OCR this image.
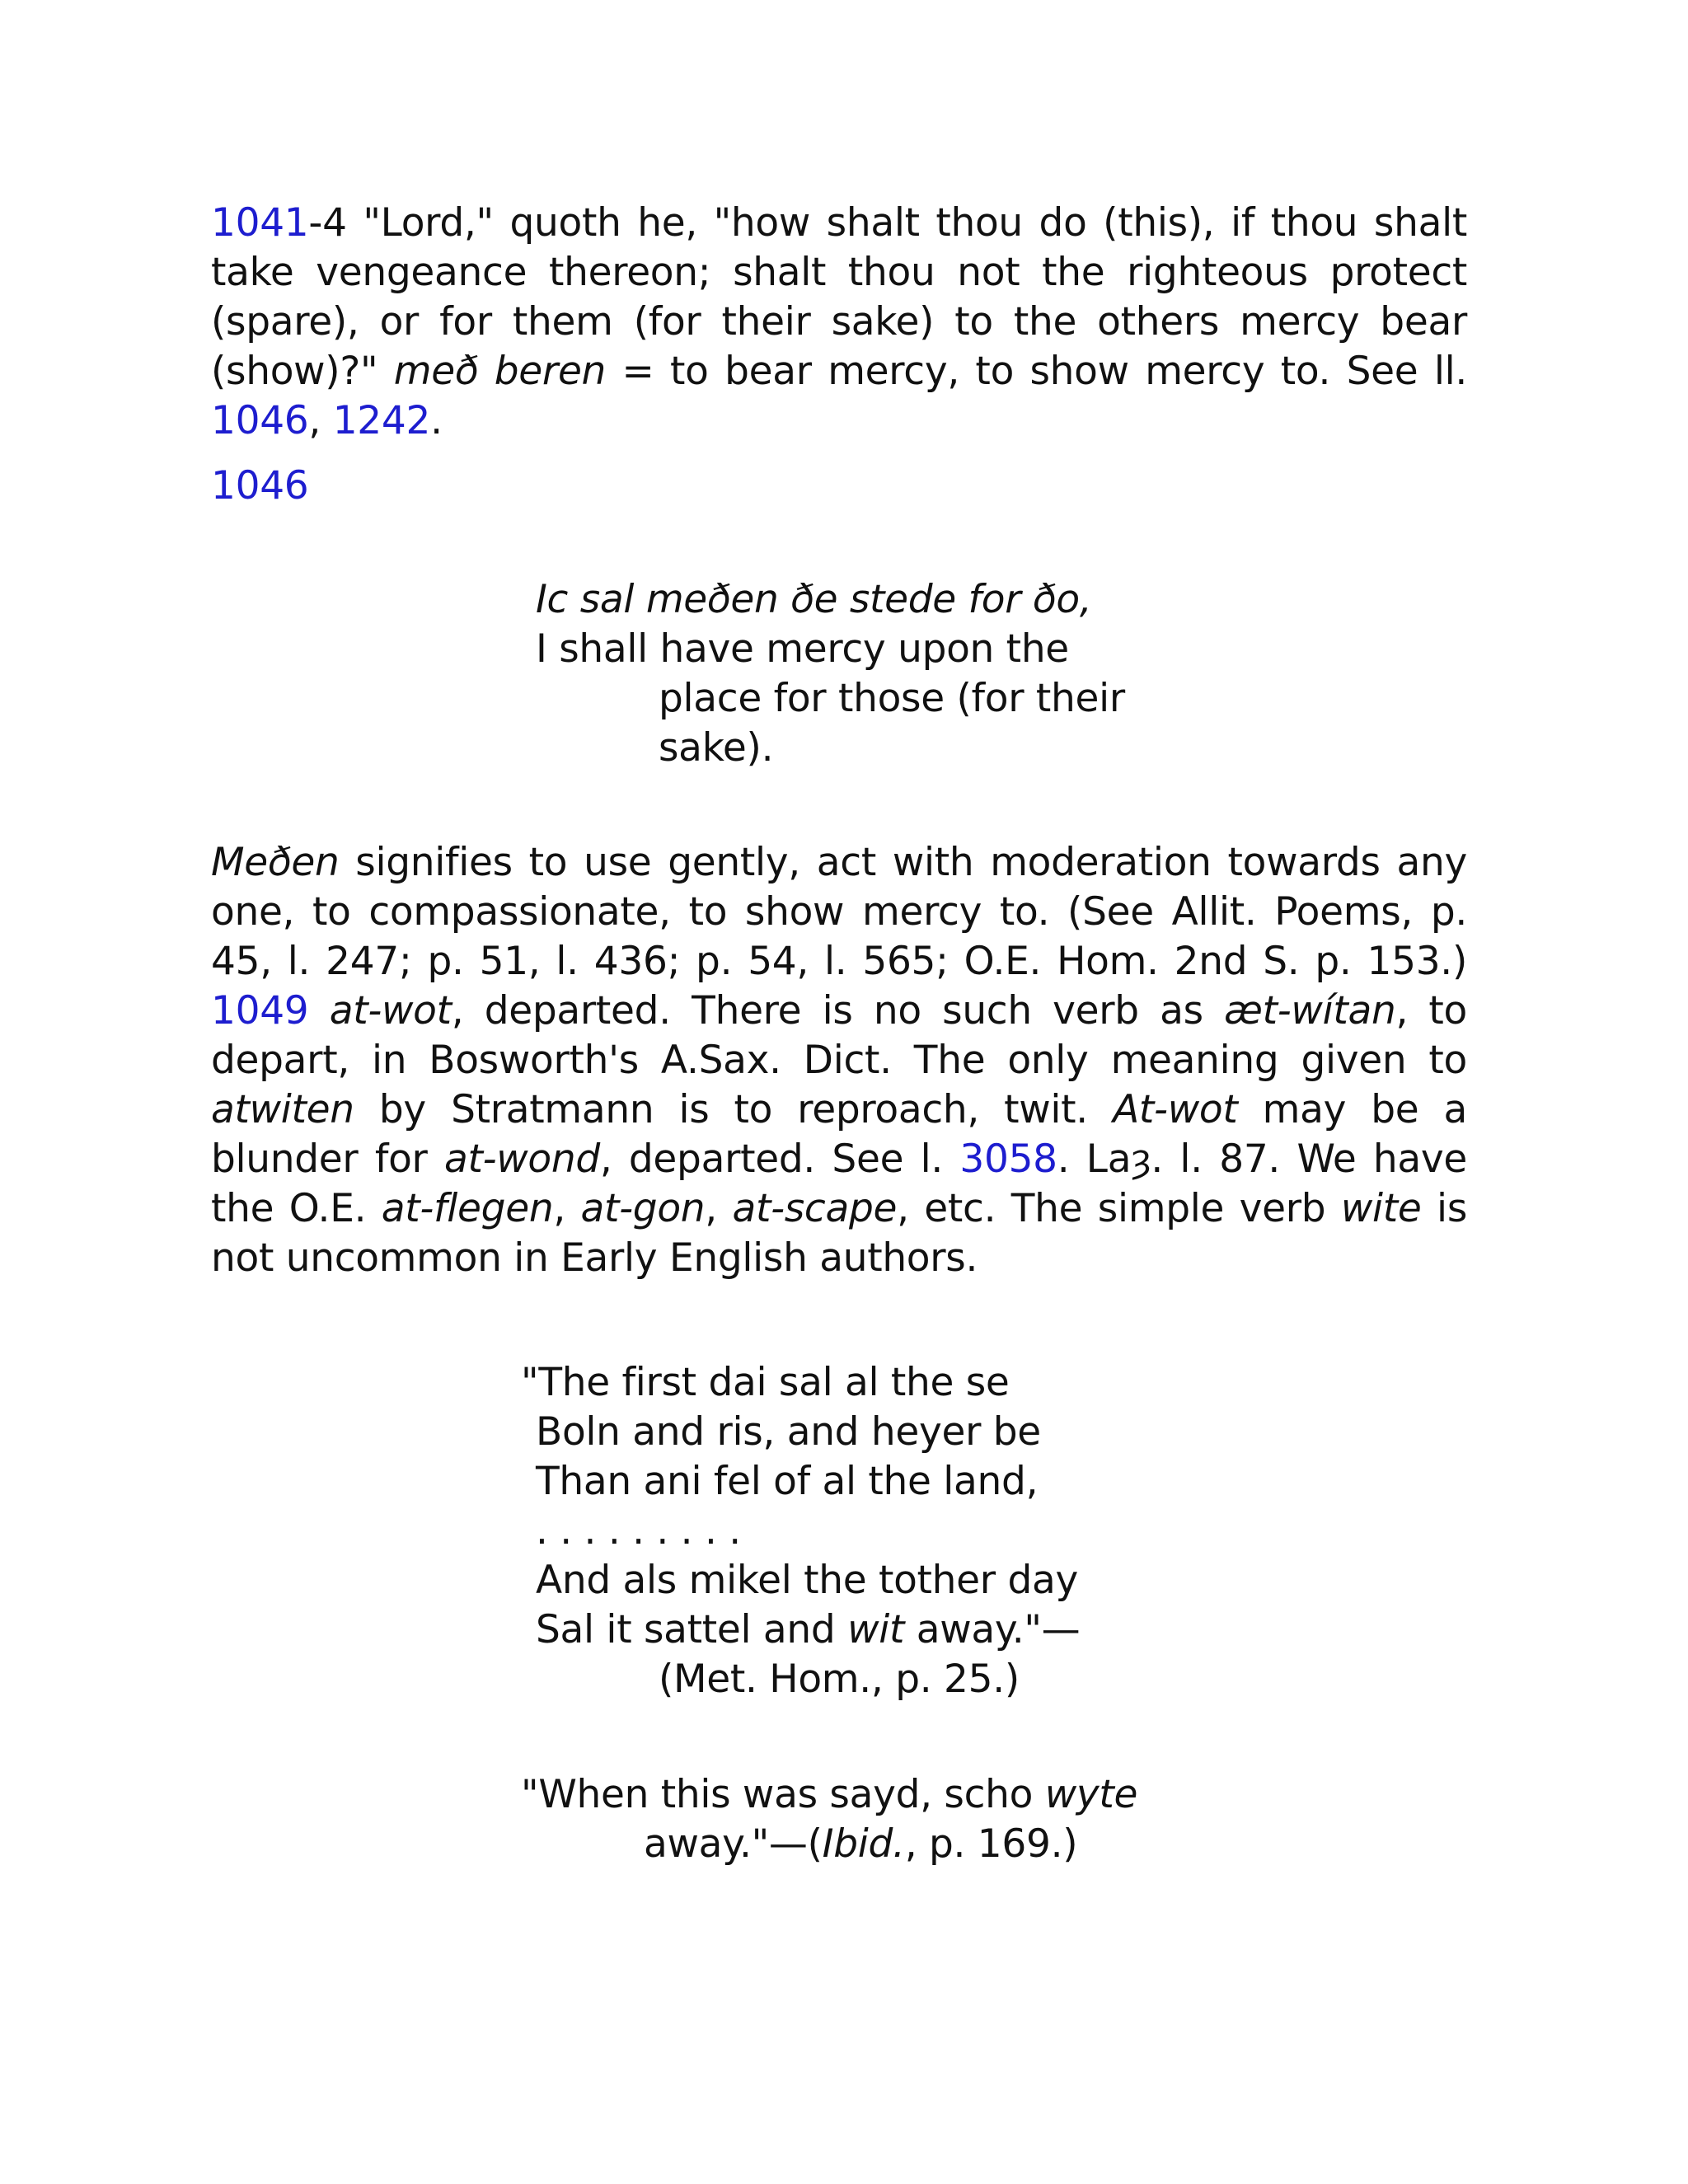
1041-4 "Lord," quoth he, "how shalt thou do (this), if thou shalt take vengeance thereon; shalt thou not the righteous protect (spare), or for them (for their sake) to the others mercy bear (show)?" með beren = to bear mercy, to show mercy to. See ll. 1046, 1242.

1046
Ic sal meðen ðe stede for ðo,
I shall have mercy upon the
place for those (for their
sake).

Meðen signifies to use gently, act with moderation towards any one, to compassionate, to show mercy to. (See Allit. Poems, p. 45, l. 247; p. 51, l. 436; p. 54, l. 565; O.E. Hom. 2nd S. p. 153.) 1049 at-wot, departed. There is no such verb as æt-wítan, to depart, in Bosworth's A.Sax. Dict. The only meaning given to atwiten by Stratmann is to reproach, twit. At-wot may be a blunder for at-wond, departed. See l. 3058. Laȝ. l. 87. We have the O.E. at-flegen, at-gon, at-scape, etc. The simple verb wite is not uncommon in Early English authors.

"The first dai sal al the se
Boln and ris, and heyer be
Than ani fel of al the land,
. . . . . . . . .
And als mikel the tother day
Sal it sattel and wit away."—
(Met. Hom., p. 25.)
"When this was sayd, scho wyte
away."—(Ibid., p. 169.)
